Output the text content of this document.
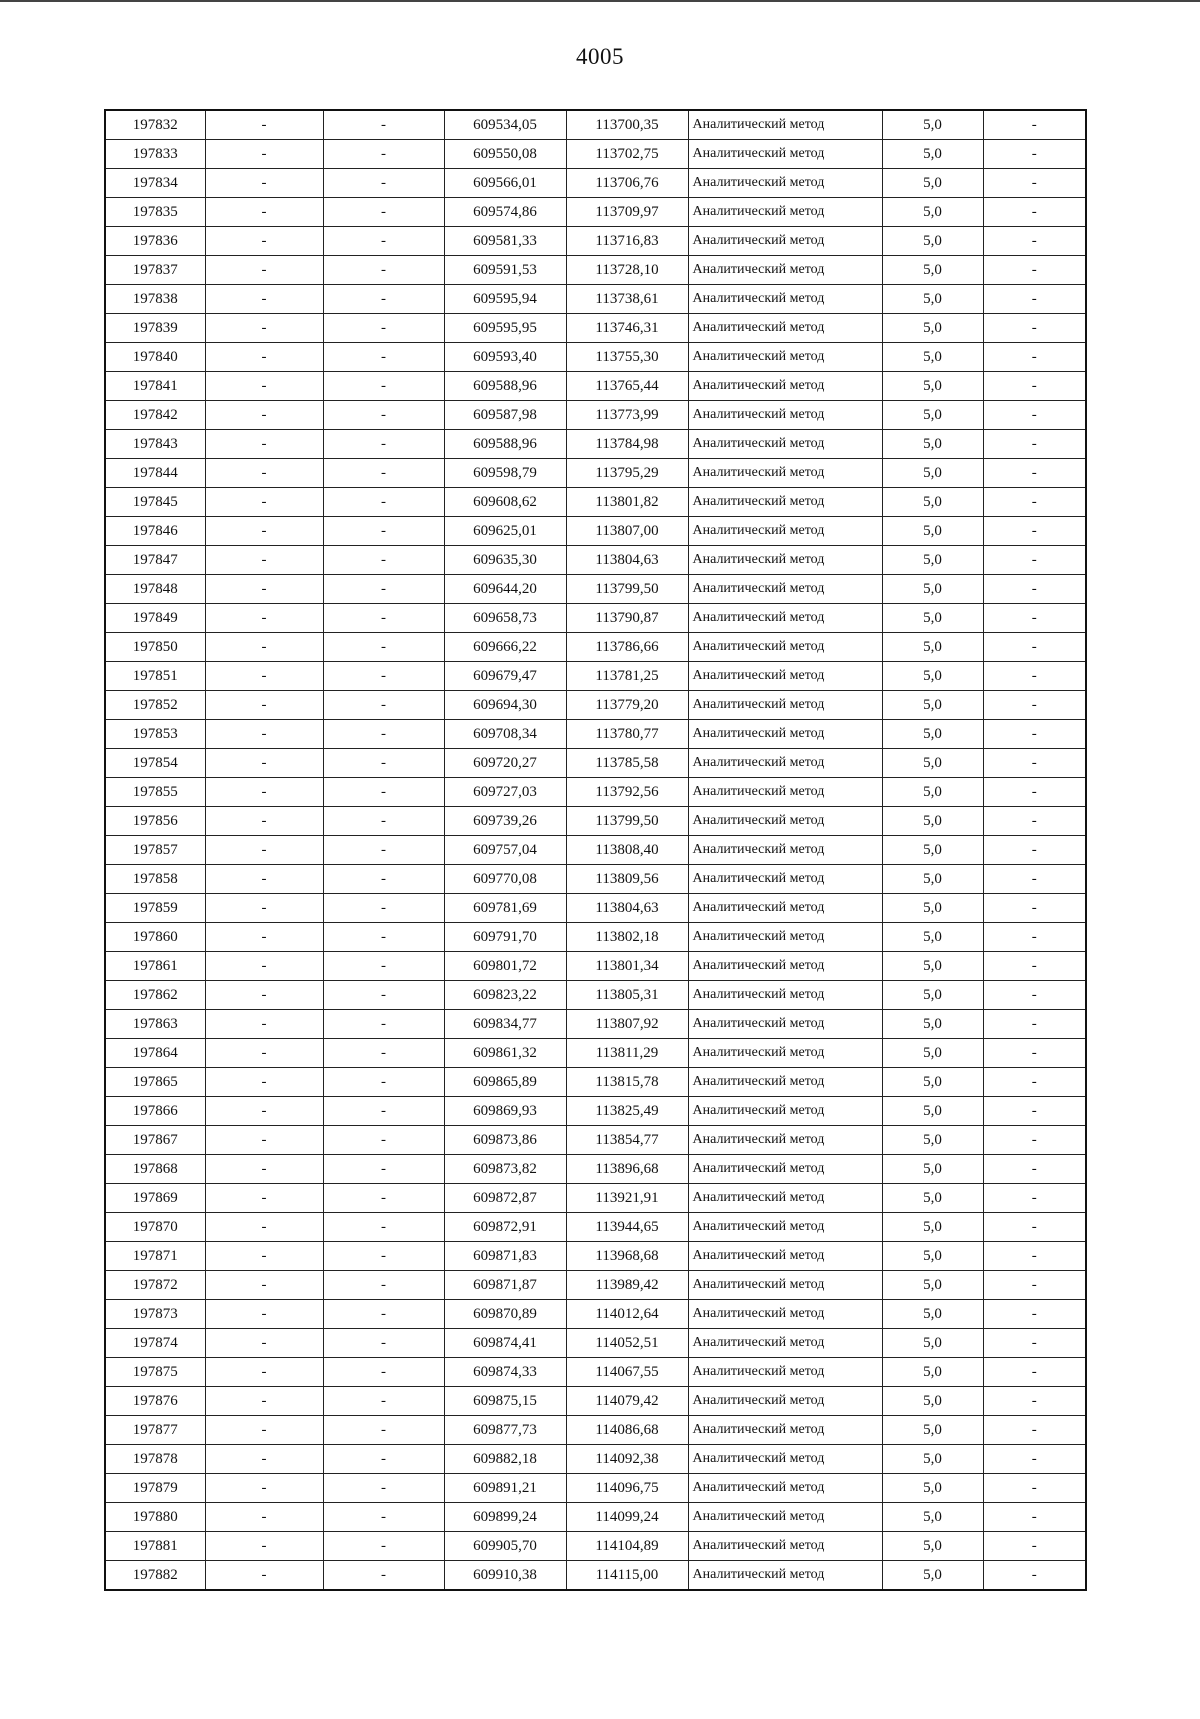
4005
197832	-	-	609534,05	113700,35	Аналитический метод	5,0	-
197833	-	-	609550,08	113702,75	Аналитический метод	5,0	-
197834	-	-	609566,01	113706,76	Аналитический метод	5,0	-
197835	-	-	609574,86	113709,97	Аналитический метод	5,0	-
197836	-	-	609581,33	113716,83	Аналитический метод	5,0	-
197837	-	-	609591,53	113728,10	Аналитический метод	5,0	-
197838	-	-	609595,94	113738,61	Аналитический метод	5,0	-
197839	-	-	609595,95	113746,31	Аналитический метод	5,0	-
197840	-	-	609593,40	113755,30	Аналитический метод	5,0	-
197841	-	-	609588,96	113765,44	Аналитический метод	5,0	-
197842	-	-	609587,98	113773,99	Аналитический метод	5,0	-
197843	-	-	609588,96	113784,98	Аналитический метод	5,0	-
197844	-	-	609598,79	113795,29	Аналитический метод	5,0	-
197845	-	-	609608,62	113801,82	Аналитический метод	5,0	-
197846	-	-	609625,01	113807,00	Аналитический метод	5,0	-
197847	-	-	609635,30	113804,63	Аналитический метод	5,0	-
197848	-	-	609644,20	113799,50	Аналитический метод	5,0	-
197849	-	-	609658,73	113790,87	Аналитический метод	5,0	-
197850	-	-	609666,22	113786,66	Аналитический метод	5,0	-
197851	-	-	609679,47	113781,25	Аналитический метод	5,0	-
197852	-	-	609694,30	113779,20	Аналитический метод	5,0	-
197853	-	-	609708,34	113780,77	Аналитический метод	5,0	-
197854	-	-	609720,27	113785,58	Аналитический метод	5,0	-
197855	-	-	609727,03	113792,56	Аналитический метод	5,0	-
197856	-	-	609739,26	113799,50	Аналитический метод	5,0	-
197857	-	-	609757,04	113808,40	Аналитический метод	5,0	-
197858	-	-	609770,08	113809,56	Аналитический метод	5,0	-
197859	-	-	609781,69	113804,63	Аналитический метод	5,0	-
197860	-	-	609791,70	113802,18	Аналитический метод	5,0	-
197861	-	-	609801,72	113801,34	Аналитический метод	5,0	-
197862	-	-	609823,22	113805,31	Аналитический метод	5,0	-
197863	-	-	609834,77	113807,92	Аналитический метод	5,0	-
197864	-	-	609861,32	113811,29	Аналитический метод	5,0	-
197865	-	-	609865,89	113815,78	Аналитический метод	5,0	-
197866	-	-	609869,93	113825,49	Аналитический метод	5,0	-
197867	-	-	609873,86	113854,77	Аналитический метод	5,0	-
197868	-	-	609873,82	113896,68	Аналитический метод	5,0	-
197869	-	-	609872,87	113921,91	Аналитический метод	5,0	-
197870	-	-	609872,91	113944,65	Аналитический метод	5,0	-
197871	-	-	609871,83	113968,68	Аналитический метод	5,0	-
197872	-	-	609871,87	113989,42	Аналитический метод	5,0	-
197873	-	-	609870,89	114012,64	Аналитический метод	5,0	-
197874	-	-	609874,41	114052,51	Аналитический метод	5,0	-
197875	-	-	609874,33	114067,55	Аналитический метод	5,0	-
197876	-	-	609875,15	114079,42	Аналитический метод	5,0	-
197877	-	-	609877,73	114086,68	Аналитический метод	5,0	-
197878	-	-	609882,18	114092,38	Аналитический метод	5,0	-
197879	-	-	609891,21	114096,75	Аналитический метод	5,0	-
197880	-	-	609899,24	114099,24	Аналитический метод	5,0	-
197881	-	-	609905,70	114104,89	Аналитический метод	5,0	-
197882	-	-	609910,38	114115,00	Аналитический метод	5,0	-
